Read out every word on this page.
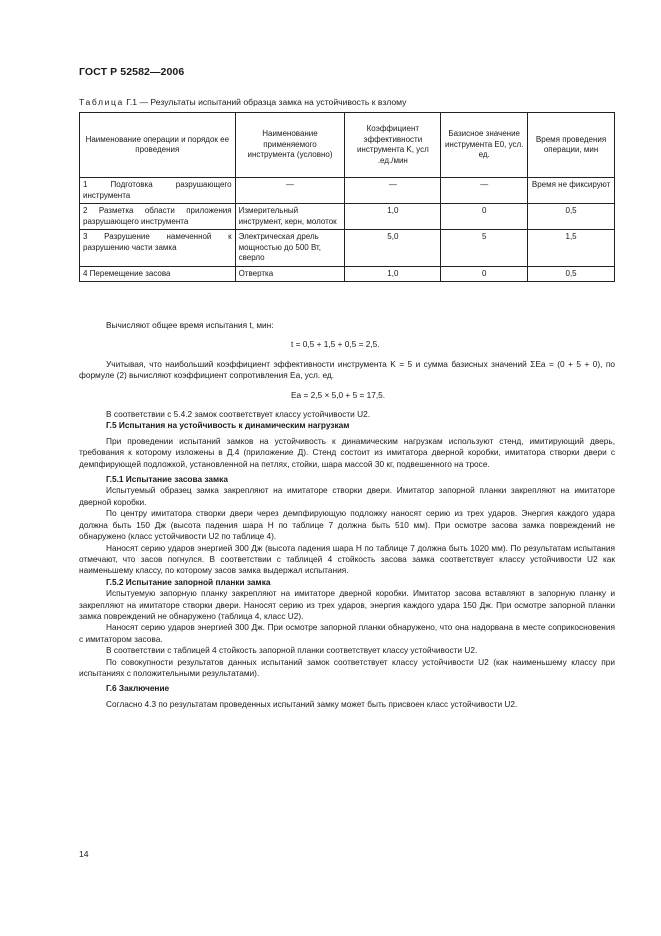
ГОСТ Р 52582—2006
Таблица Г.1 — Результаты испытаний образца замка на устойчивость к взлому
Наименование операции и порядок ее проведения	Наименование применяемого инструмента (условно)	Коэффициент эффективности инструмента K, усл .ед./мин	Базисное значение инструмента E0, усл. ед.	Время проведения операции, мин
1 Подготовка разрушающего инструмента	—	—	—	Время не фиксируют
2 Разметка области приложения разрушающего инструмента	Измерительный инструмент, керн, молоток	1,0	0	0,5
3 Разрушение намеченной к разрушению части замка	Электрическая дрель мощностью до 500 Вт, сверло	5,0	5	1,5
4 Перемещение засова	Отвертка	1,0	0	0,5

Вычисляют общее время испытания t, мин:

t = 0,5 + 1,5 + 0,5 = 2,5.

Учитывая, что наибольший коэффициент эффективности инструмента K = 5 и сумма базисных значений ΣEa = (0 + 5 + 0), по формуле (2) вычисляют коэффициент сопротивления Ea, усл. ед.

Ea = 2,5 × 5,0 + 5 = 17,5.

В соответствии с 5.4.2 замок соответствует классу устойчивости U2.

Г.5 Испытания на устойчивость к динамическим нагрузкам

При проведении испытаний замков на устойчивость к динамическим нагрузкам используют стенд, имитирующий дверь, требования к которому изложены в Д.4 (приложение Д). Стенд состоит из имитатора дверной коробки, имитатора створки двери с демпфирующей подложкой, установленной на петлях, стойки, шара массой 30 кг, подвешенного на тросе.

Г.5.1 Испытание засова замка

Испытуемый образец замка закрепляют на имитаторе створки двери. Имитатор запорной планки закрепляют на имитаторе дверной коробки.

По центру имитатора створки двери через демпфирующую подложку наносят серию из трех ударов. Энергия каждого удара должна быть 150 Дж (высота падения шара H по таблице 7 должна быть 510 мм). При осмотре засова замка повреждений не обнаружено (класс устойчивости U2 по таблице 4).

Наносят серию ударов энергией 300 Дж (высота падения шара H по таблице 7 должна быть 1020 мм). По результатам испытания отмечают, что засов погнулся. В соответствии с таблицей 4 стойкость засова замка соответствует классу устойчивости U2 как наименьшему классу, по которому засов замка выдержал испытания.

Г.5.2 Испытание запорной планки замка

Испытуемую запорную планку закрепляют на имитаторе дверной коробки. Имитатор засова вставляют в запорную планку и закрепляют на имитаторе створки двери. Наносят серию из трех ударов, энергия каждого удара 150 Дж. При осмотре запорной планки замка повреждений не обнаружено (таблица 4, класс U2).

Наносят серию ударов энергией 300 Дж. При осмотре запорной планки обнаружено, что она надорвана в месте соприкосновения с имитатором засова.

В соответствии с таблицей 4 стойкость запорной планки соответствует классу устойчивости U2.

По совокупности результатов данных испытаний замок соответствует классу устойчивости U2 (как наименьшему классу при испытаниях с положительными результатами).

Г.6 Заключение

Согласно 4.3 по результатам проведенных испытаний замку может быть присвоен класс устойчивости U2.

14
